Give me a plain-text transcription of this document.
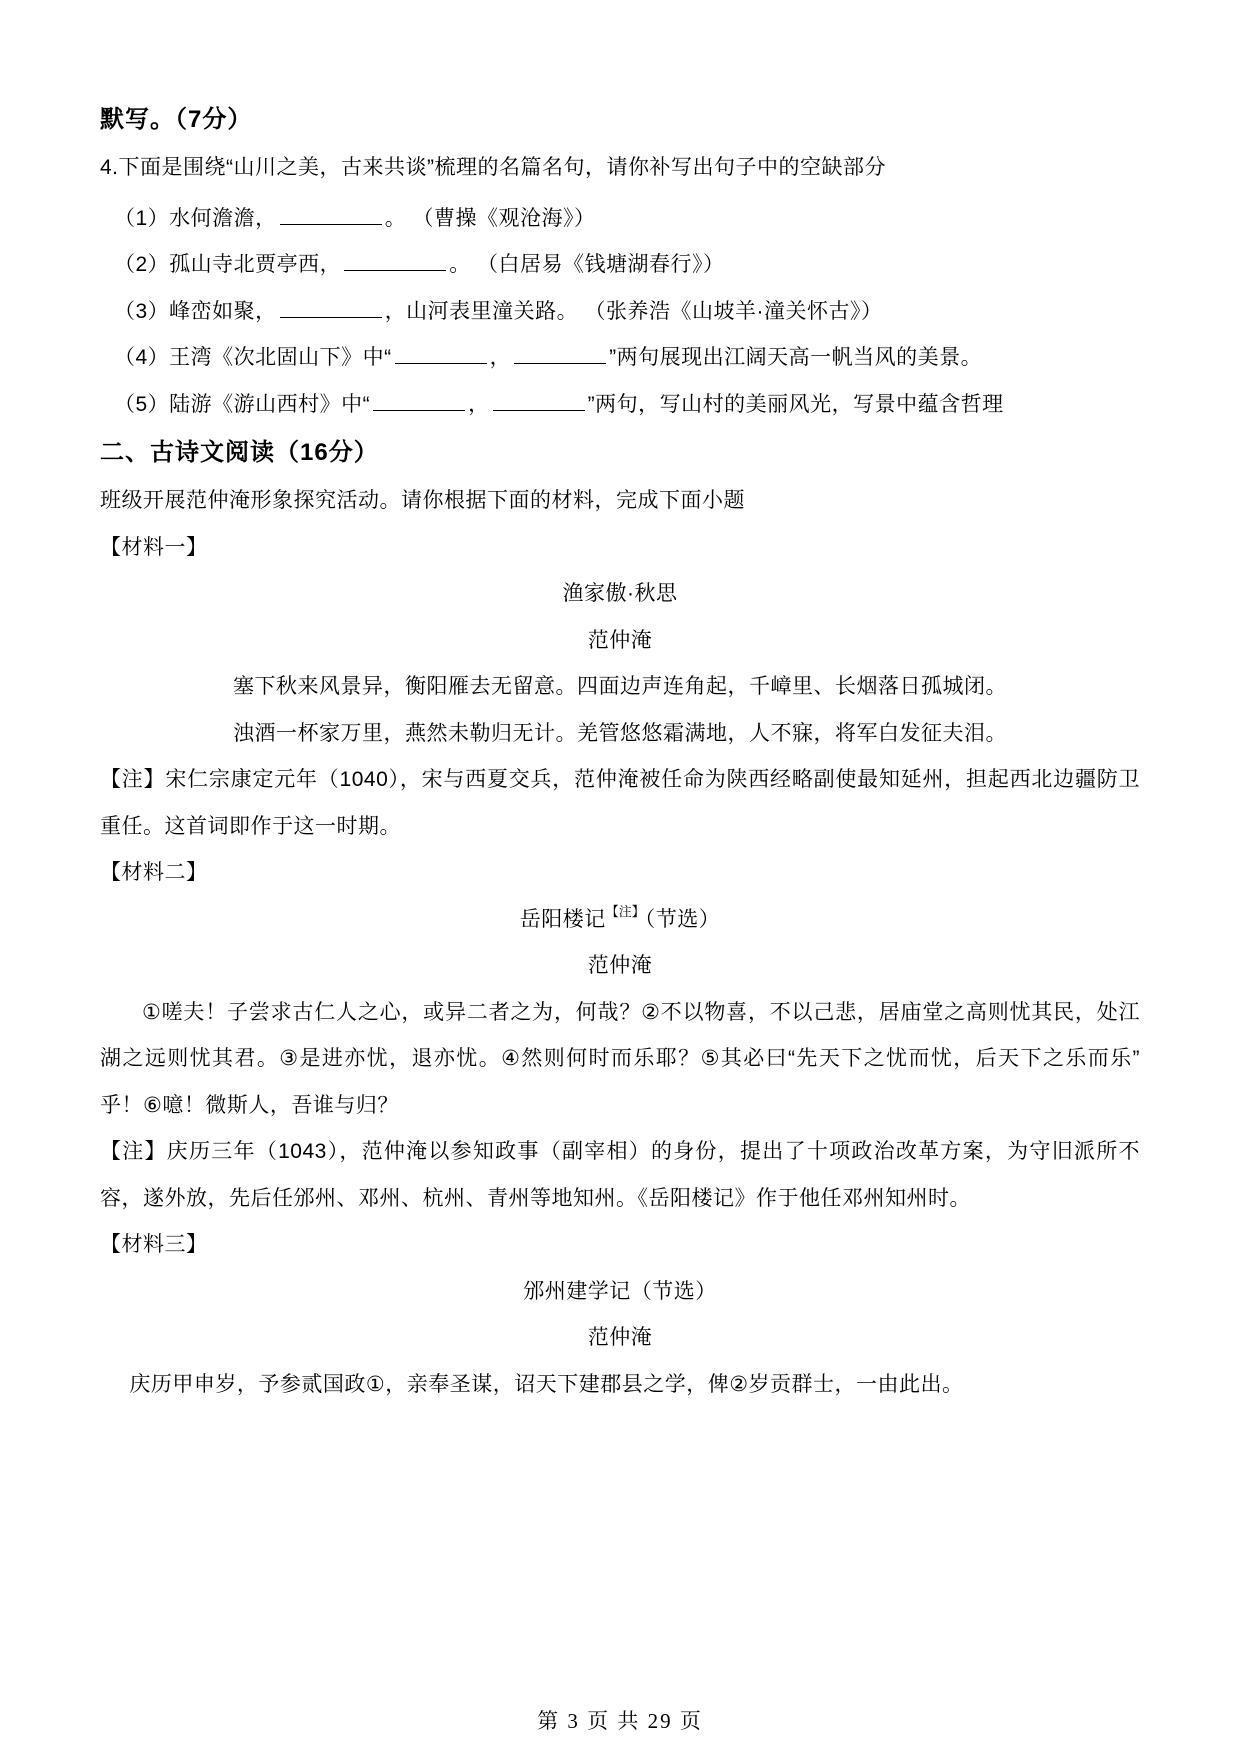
默写。（7分）

4.下面是围绕“山川之美，古来共谈”梳理的名篇名句，请你补写出句子中的空缺部分

（1）水何澹澹，	。 （曹操《观沧海》）
（2）孤山寺北贾亭西，	。 （白居易《钱塘湖春行》）
（3）峰峦如聚，	，山河表里潼关路。 （张养浩《山坡羊·潼关怀古》）
（4）王湾《次北固山下》中“	，	”两句展现出江阔天高一帆当风的美景。
（5）陆游《游山西村》中“	，	”两句，写山村的美丽风光，写景中蕴含哲理
二、古诗文阅读（16分）

班级开展范仲淹形象探究活动。请你根据下面的材料，完成下面小题

【材料一】

渔家傲·秋思

范仲淹

塞下秋来风景异，衡阳雁去无留意。四面边声连角起，千嶂里、长烟落日孤城闭。

浊酒一杯家万里，燕然未勒归无计。羌管悠悠霜满地，人不寐，将军白发征夫泪。

【注】宋仁宗康定元年（1040），宋与西夏交兵，范仲淹被任命为陕西经略副使最知延州，担起西北边疆防卫重任。这首词即作于这一时期。

【材料二】

岳阳楼记$^{【注】}$（节选）

范仲淹

①嗟夫！子尝求古仁人之心，或异二者之为，何哉？②不以物喜，不以己悲，居庙堂之高则忧其民，处江湖之远则忧其君。③是进亦忧，退亦忧。④然则何时而乐耶？⑤其必曰“先天下之忧而忧，后天下之乐而乐”乎！⑥噫！微斯人，吾谁与归？

【注】庆历三年（1043），范仲淹以参知政事（副宰相）的身份，提出了十项政治改革方案，为守旧派所不容，遂外放，先后任邠州、邓州、杭州、青州等地知州。《岳阳楼记》作于他任邓州知州时。

【材料三】

邠州建学记（节选）

范仲淹

庆历甲申岁，予参贰国政①，亲奉圣谋，诏天下建郡县之学，俾②岁贡群士，一由此出。

第 3 页 共 29 页
